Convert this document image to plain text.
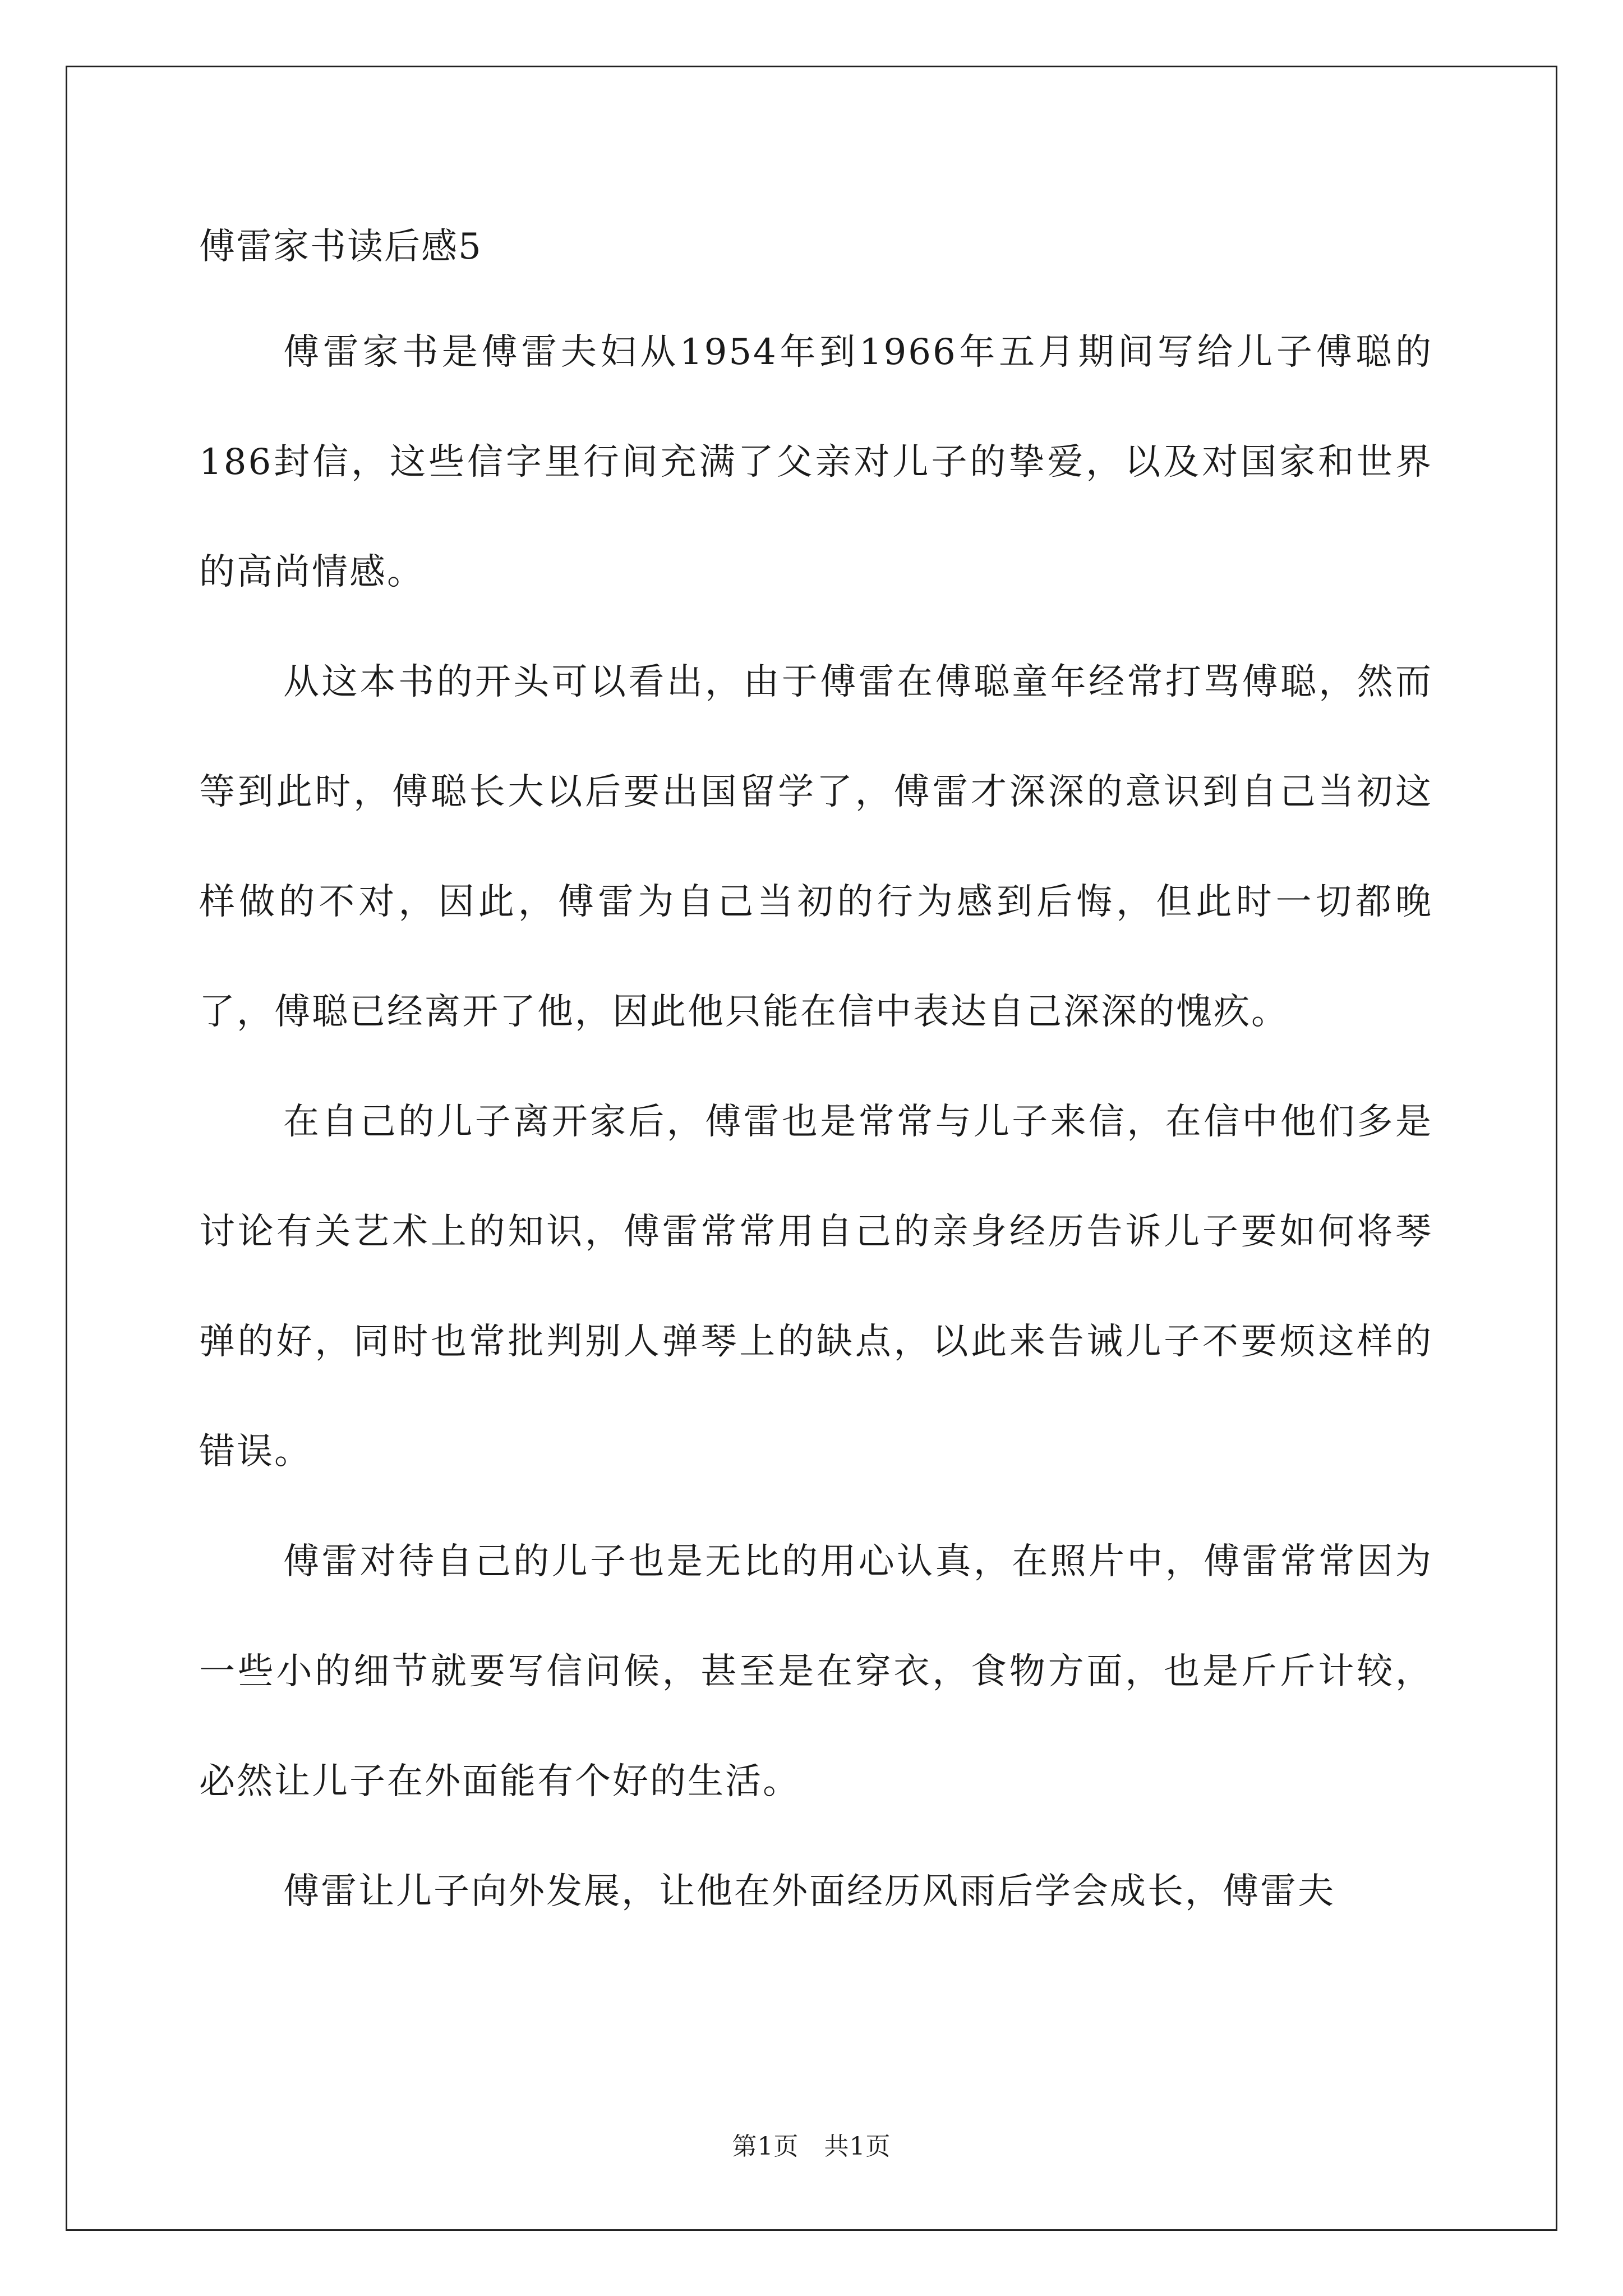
傅雷家书读后感5

傅雷家书是傅雷夫妇从1954年到1966年五月期间写给儿子傅聪的186封信，这些信字里行间充满了父亲对儿子的挚爱，以及对国家和世界的高尚情感。

从这本书的开头可以看出，由于傅雷在傅聪童年经常打骂傅聪，然而等到此时，傅聪长大以后要出国留学了，傅雷才深深的意识到自己当初这样做的不对，因此，傅雷为自己当初的行为感到后悔，但此时一切都晚了，傅聪已经离开了他，因此他只能在信中表达自己深深的愧疚。

在自己的儿子离开家后，傅雷也是常常与儿子来信，在信中他们多是讨论有关艺术上的知识，傅雷常常用自己的亲身经历告诉儿子要如何将琴弹的好，同时也常批判别人弹琴上的缺点，以此来告诫儿子不要烦这样的错误。

傅雷对待自己的儿子也是无比的用心认真，在照片中，傅雷常常因为一些小的细节就要写信问候，甚至是在穿衣，食物方面，也是斤斤计较，必然让儿子在外面能有个好的生活。

傅雷让儿子向外发展，让他在外面经历风雨后学会成长，傅雷夫

第1页　共1页
